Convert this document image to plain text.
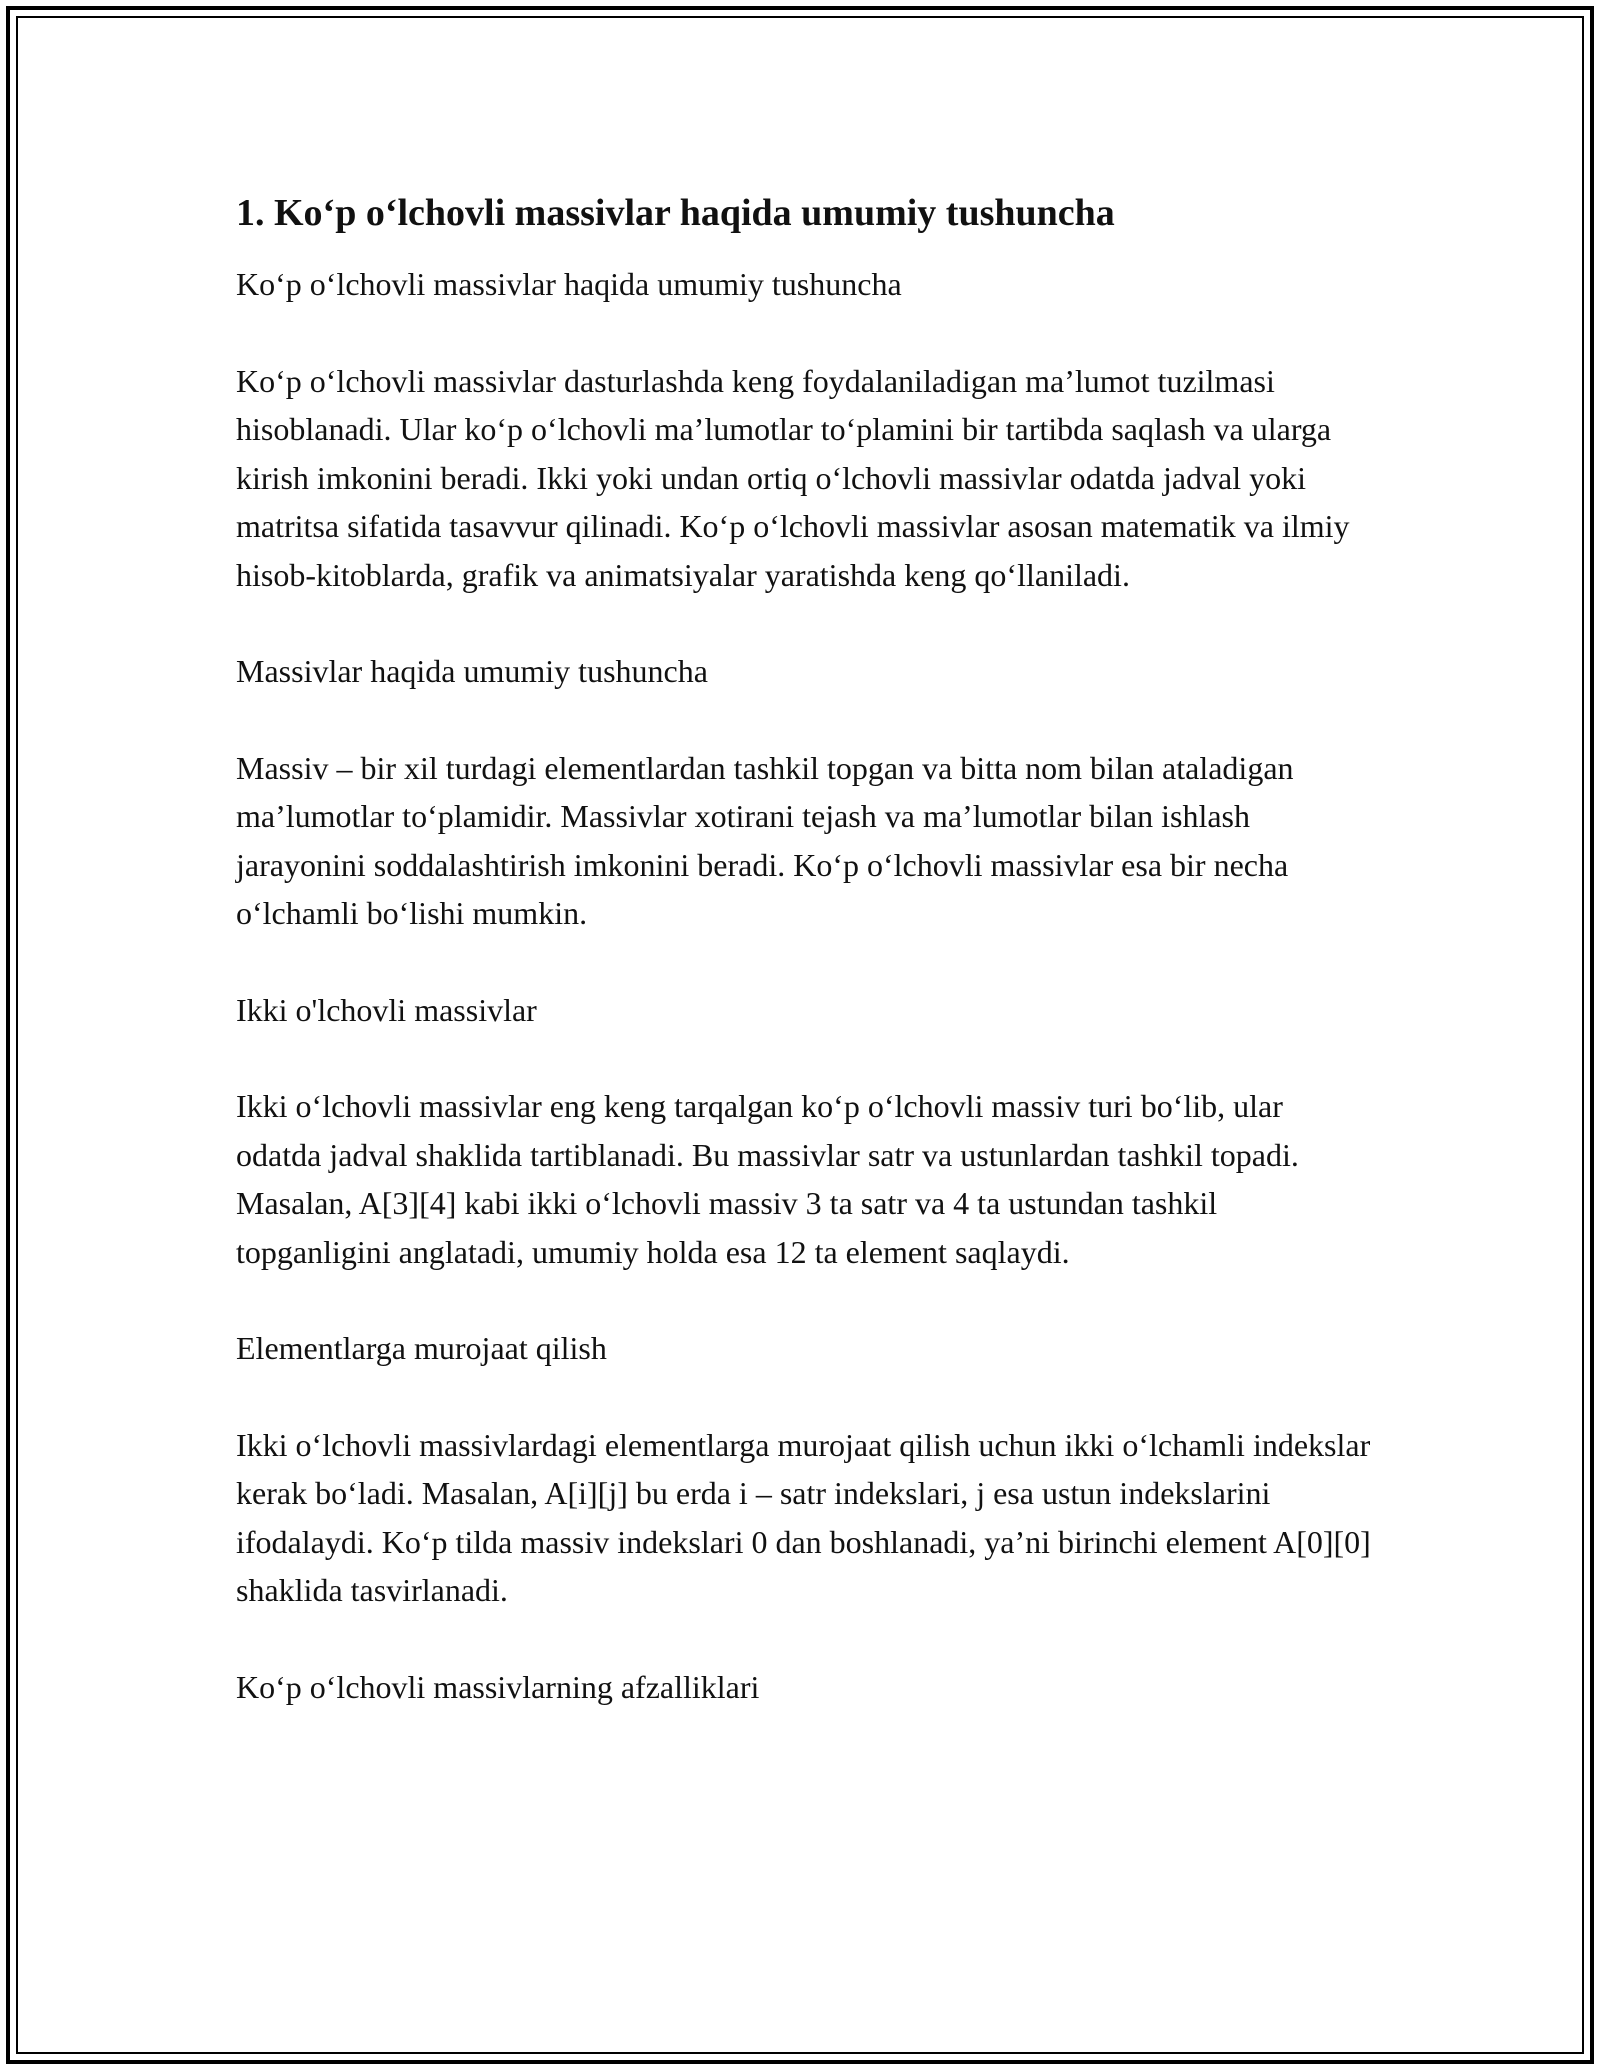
1. Ko‘p o‘lchovli massivlar haqida umumiy tushuncha

Ko‘p o‘lchovli massivlar haqida umumiy tushuncha

Ko‘p o‘lchovli massivlar dasturlashda keng foydalaniladigan ma’lumot tuzilmasi hisoblanadi. Ular ko‘p o‘lchovli ma’lumotlar to‘plamini bir tartibda saqlash va ularga kirish imkonini beradi. Ikki yoki undan ortiq o‘lchovli massivlar odatda jadval yoki matritsa sifatida tasavvur qilinadi. Ko‘p o‘lchovli massivlar asosan matematik va ilmiy hisob-kitoblarda, grafik va animatsiyalar yaratishda keng qo‘llaniladi.

Massivlar haqida umumiy tushuncha

Massiv – bir xil turdagi elementlardan tashkil topgan va bitta nom bilan ataladigan ma’lumotlar to‘plamidir. Massivlar xotirani tejash va ma’lumotlar bilan ishlash jarayonini soddalashtirish imkonini beradi. Ko‘p o‘lchovli massivlar esa bir necha o‘lchamli bo‘lishi mumkin.

Ikki o'lchovli massivlar

Ikki o‘lchovli massivlar eng keng tarqalgan ko‘p o‘lchovli massiv turi bo‘lib, ular odatda jadval shaklida tartiblanadi. Bu massivlar satr va ustunlardan tashkil topadi. Masalan, A[3][4] kabi ikki o‘lchovli massiv 3 ta satr va 4 ta ustundan tashkil topganligini anglatadi, umumiy holda esa 12 ta element saqlaydi.

Elementlarga murojaat qilish

Ikki o‘lchovli massivlardagi elementlarga murojaat qilish uchun ikki o‘lchamli indekslar kerak bo‘ladi. Masalan, A[i][j] bu erda i – satr indekslari, j esa ustun indekslarini ifodalaydi. Ko‘p tilda massiv indekslari 0 dan boshlanadi, ya’ni birinchi element A[0][0] shaklida tasvirlanadi.

Ko‘p o‘lchovli massivlarning afzalliklari
